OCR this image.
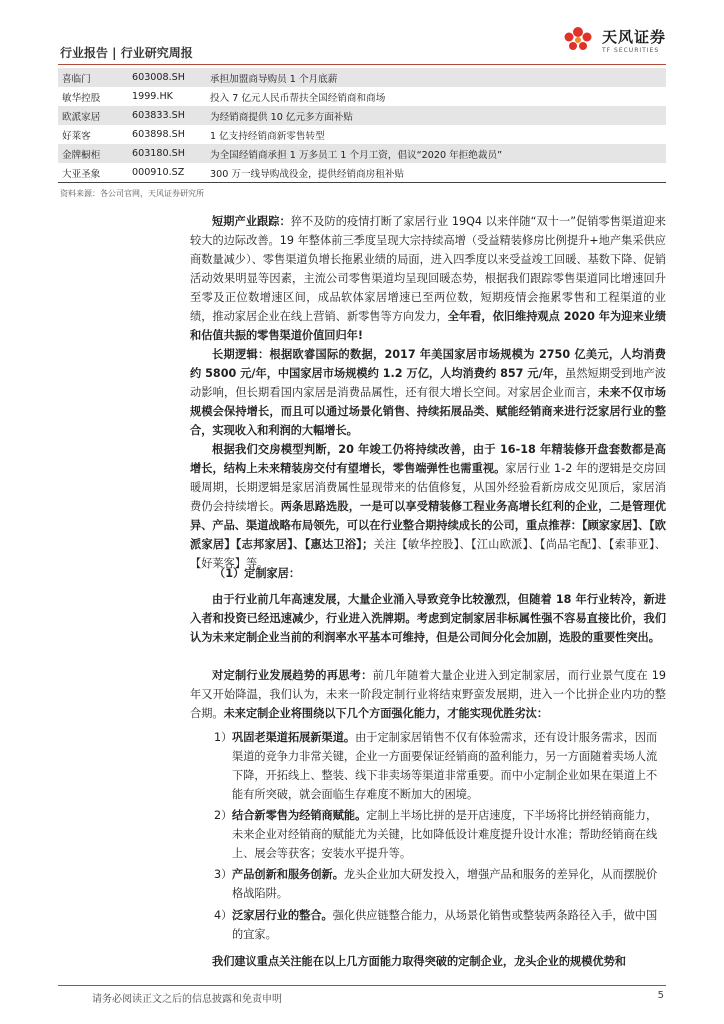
行业报告 | 行业研究周报
天风证券
TF SECURITIES
喜临门	603008.SH	承担加盟商导购员 1 个月底薪
敏华控股	1999.HK	投入 7 亿元人民币帮扶全国经销商和商场
欧派家居	603833.SH	为经销商提供 10 亿元多方面补贴
好莱客	603898.SH	1 亿支持经销商新零售转型
金牌橱柜	603180.SH	为全国经销商承担 1 万多员工 1 个月工资，倡议“2020 年拒绝裁员”
大亚圣象	000910.SZ	300 万一线导购战役金，提供经销商房租补贴
资料来源：各公司官网，天风证券研究所
短期产业跟踪：猝不及防的疫情打断了家居行业 19Q4 以来伴随“双十一”促销零售渠道迎来较大的边际改善。19 年整体前三季度呈现大宗持续高增（受益精装修房比例提升+地产集采供应商数量减少）、零售渠道负增长拖累业绩的局面，进入四季度以来受益竣工回暖、基数下降、促销活动效果明显等因素，主流公司零售渠道均呈现回暖态势，根据我们跟踪零售渠道同比增速回升至零及正位数增速区间，成品软体家居增速已至两位数，短期疫情会拖累零售和工程渠道的业绩，推动家居企业在线上营销、新零售等方向发力，全年看，依旧维持观点 2020 年为迎来业绩和估值共振的零售渠道价值回归年!
长期逻辑：根据欧睿国际的数据，2017 年美国家居市场规模为 2750 亿美元，人均消费约 5800 元/年，中国家居市场规模约 1.2 万亿，人均消费约 857 元/年，虽然短期受到地产波动影响，但长期看国内家居是消费品属性，还有很大增长空间。对家居企业而言，未来不仅市场规模会保持增长，而且可以通过场景化销售、持续拓展品类、赋能经销商来进行泛家居行业的整合，实现收入和利润的大幅增长。
根据我们交房模型判断，20 年竣工仍将持续改善，由于 16-18 年精装修开盘套数都是高增长，结构上未来精装房交付有望增长，零售端弹性也需重视。家居行业 1-2 年的逻辑是交房回暖周期，长期逻辑是家居消费属性显现带来的估值修复，从国外经验看新房成交见顶后，家居消费仍会持续增长。两条思路选股，一是可以享受精装修工程业务高增长红利的企业，二是管理优异、产品、渠道战略布局领先，可以在行业整合期持续成长的公司，重点推荐：【顾家家居】、【欧派家居】【志邦家居】、【惠达卫浴】；关注【敏华控股】、【江山欧派】、【尚品宅配】、【索菲亚】、【好莱客】等。
（1）定制家居：
由于行业前几年高速发展，大量企业涌入导致竞争比较激烈，但随着 18 年行业转冷，新进入者和投资已经迅速减少，行业进入洗牌期。考虑到定制家居非标属性强不容易直接比价，我们认为未来定制企业当前的利润率水平基本可维持，但是公司间分化会加剧，选股的重要性突出。
对定制行业发展趋势的再思考：前几年随着大量企业进入到定制家居，而行业景气度在 19 年又开始降温，我们认为，未来一阶段定制行业将结束野蛮发展期，进入一个比拼企业内功的整合期。未来定制企业将围绕以下几个方面强化能力，才能实现优胜劣汰：
1） 巩固老渠道拓展新渠道。由于定制家居销售不仅有体验需求，还有设计服务需求，因而渠道的竞争力非常关键，企业一方面要保证经销商的盈利能力，另一方面随着卖场人流下降，开拓线上、整装、线下非卖场等渠道非常重要。而中小定制企业如果在渠道上不能有所突破，就会面临生存难度不断加大的困境。
2） 结合新零售为经销商赋能。定制上半场比拼的是开店速度，下半场将比拼经销商能力，未来企业对经销商的赋能尤为关键，比如降低设计难度提升设计水准；帮助经销商在线上、展会等获客；安装水平提升等。
3） 产品创新和服务创新。龙头企业加大研发投入，增强产品和服务的差异化，从而摆脱价格战陷阱。
4） 泛家居行业的整合。强化供应链整合能力，从场景化销售或整装两条路径入手，做中国的宜家。
我们建议重点关注能在以上几方面能力取得突破的定制企业，龙头企业的规模优势和
请务必阅读正文之后的信息披露和免责申明	5
